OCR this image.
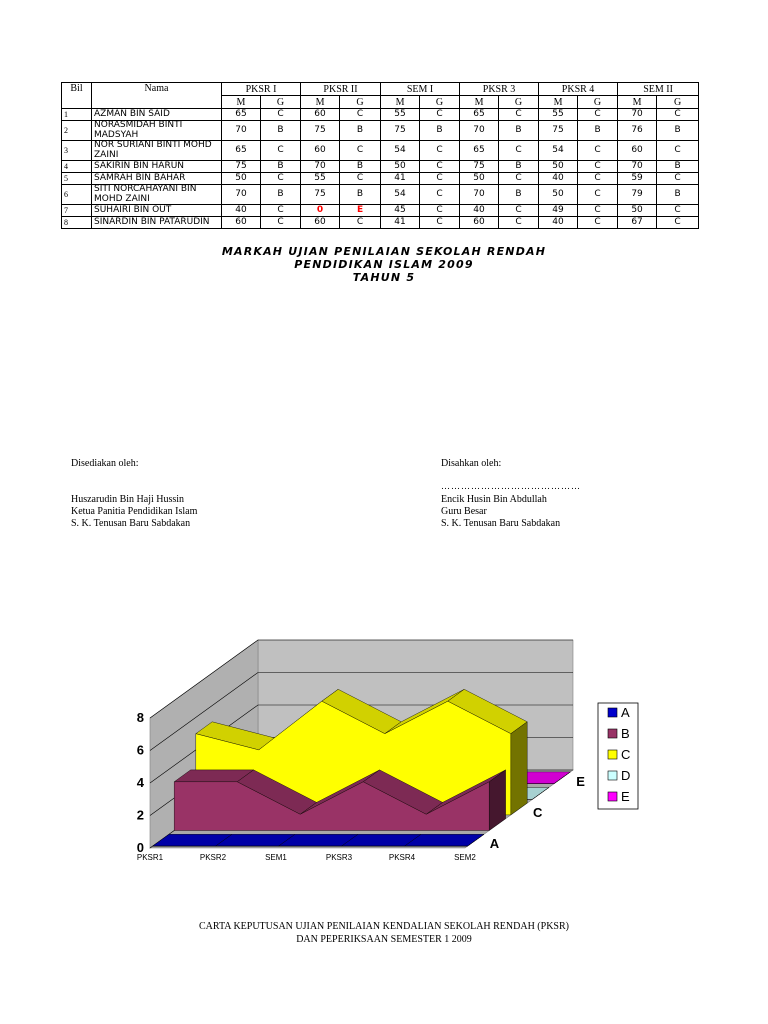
Bil	Nama	PKSR I		PKSR II		SEM I		PKSR 3		PKSR 4		SEM II	
		M	G	M	G	M	G	M	G	M	G	M	G
1	AZMAN BIN SAID	65	C	60	C	55	C	65	C	55	C	70	C
2	NORASMIDAH BINTI MADSYAH	70	B	75	B	75	B	70	B	75	B	76	B
3	NOR SURIANI BINTI MOHD ZAINI	65	C	60	C	54	C	65	C	54	C	60	C
4	SAKIRIN BIN HARUN	75	B	70	B	50	C	75	B	50	C	70	B
5	SAMRAH BIN BAHAR	50	C	55	C	41	C	50	C	40	C	59	C
6	SITI NORCAHAYANI BIN MOHD ZAINI	70	B	75	B	54	C	70	B	50	C	79	B
7	SUHAIRI BIN OUT	40	C	0	E	45	C	40	C	49	C	50	C
8	SINARDIN BIN PATARUDIN	60	C	60	C	41	C	60	C	40	C	67	C
MARKAH UJIAN PENILAIAN SEKOLAH RENDAH
PENDIDIKAN ISLAM 2009
TAHUN 5
Disediakan oleh:
Huszarudin Bin Haji Hussin
Ketua Panitia Pendidikan Islam
S. K. Tenusan Baru Sabdakan
Disahkan oleh:
……………………………………
Encik Husin Bin Abdullah
Guru Besar
S. K. Tenusan Baru Sabdakan
0
2
4
6
8
PKSR1	PKSR2	SEM1	PKSR3	PKSR4	SEM2
A
C
E
A
B
C
D
E
CARTA KEPUTUSAN UJIAN PENILAIAN KENDALIAN SEKOLAH RENDAH (PKSR)
DAN PEPERIKSAAN SEMESTER 1 2009
